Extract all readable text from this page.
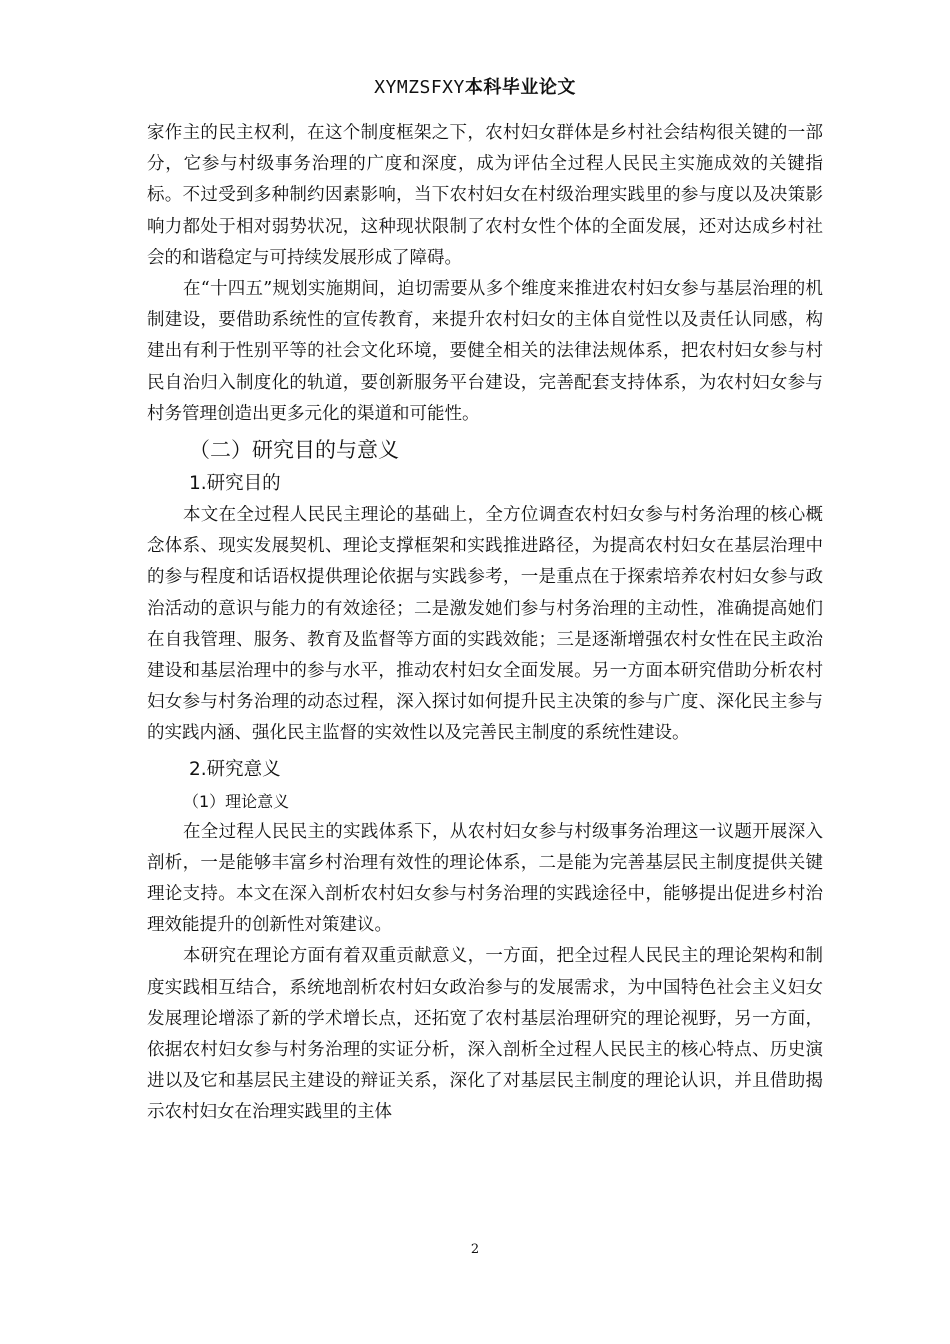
XYMZSFXY本科毕业论文

家作主的民主权利，在这个制度框架之下，农村妇女群体是乡村社会结构很关键的一部分，它参与村级事务治理的广度和深度，成为评估全过程人民民主实施成效的关键指标。不过受到多种制约因素影响，当下农村妇女在村级治理实践里的参与度以及决策影响力都处于相对弱势状况，这种现状限制了农村女性个体的全面发展，还对达成乡村社会的和谐稳定与可持续发展形成了障碍。

在“十四五”规划实施期间，迫切需要从多个维度来推进农村妇女参与基层治理的机制建设，要借助系统性的宣传教育，来提升农村妇女的主体自觉性以及责任认同感，构建出有利于性别平等的社会文化环境，要健全相关的法律法规体系，把农村妇女参与村民自治归入制度化的轨道，要创新服务平台建设，完善配套支持体系，为农村妇女参与村务管理创造出更多元化的渠道和可能性。

（二）研究目的与意义
1.研究目的

本文在全过程人民民主理论的基础上，全方位调查农村妇女参与村务治理的核心概念体系、现实发展契机、理论支撑框架和实践推进路径，为提高农村妇女在基层治理中的参与程度和话语权提供理论依据与实践参考，一是重点在于探索培养农村妇女参与政治活动的意识与能力的有效途径；二是激发她们参与村务治理的主动性，准确提高她们在自我管理、服务、教育及监督等方面的实践效能；三是逐渐增强农村女性在民主政治建设和基层治理中的参与水平，推动农村妇女全面发展。另一方面本研究借助分析农村妇女参与村务治理的动态过程，深入探讨如何提升民主决策的参与广度、深化民主参与的实践内涵、强化民主监督的实效性以及完善民主制度的系统性建设。

2.研究意义
（1）理论意义

在全过程人民民主的实践体系下，从农村妇女参与村级事务治理这一议题开展深入剖析，一是能够丰富乡村治理有效性的理论体系，二是能为完善基层民主制度提供关键理论支持。本文在深入剖析农村妇女参与村务治理的实践途径中，能够提出促进乡村治理效能提升的创新性对策建议。

本研究在理论方面有着双重贡献意义，一方面，把全过程人民民主的理论架构和制度实践相互结合，系统地剖析农村妇女政治参与的发展需求，为中国特色社会主义妇女发展理论增添了新的学术增长点，还拓宽了农村基层治理研究的理论视野，另一方面，依据农村妇女参与村务治理的实证分析，深入剖析全过程人民民主的核心特点、历史演进以及它和基层民主建设的辩证关系，深化了对基层民主制度的理论认识，并且借助揭示农村妇女在治理实践里的主体

2
